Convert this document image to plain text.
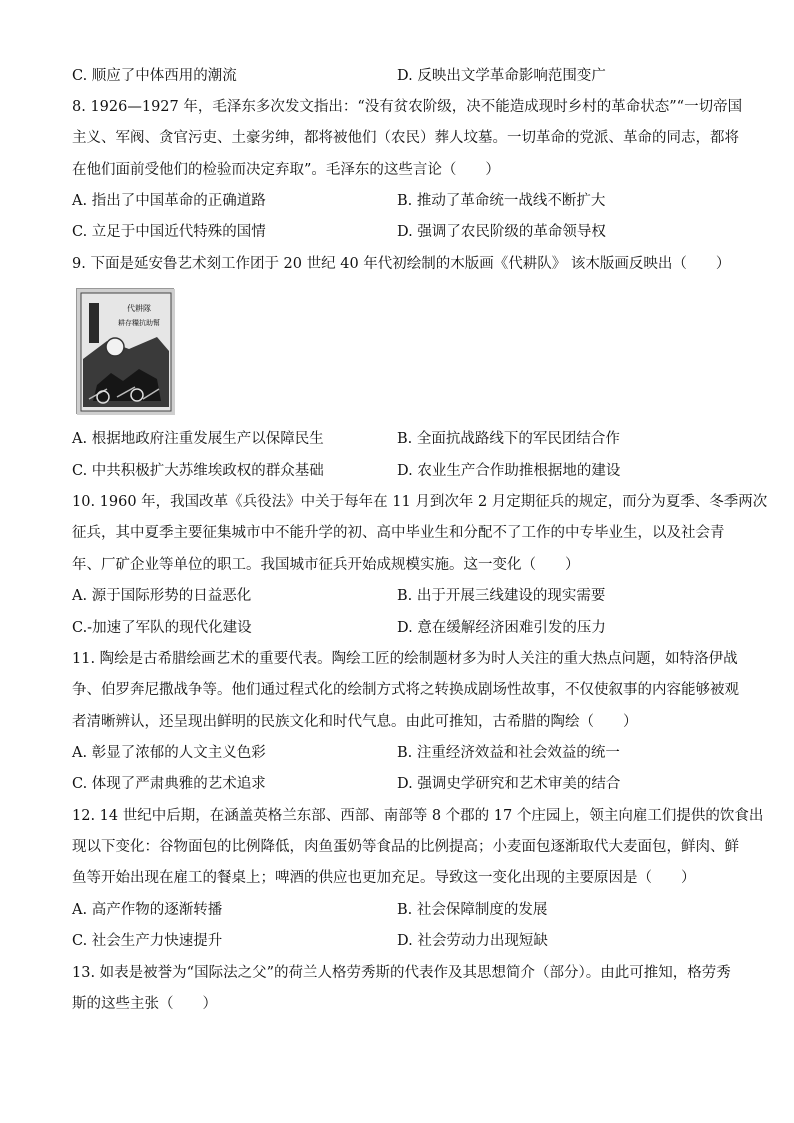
C. 顺应了中体西用的潮流	D. 反映出文学革命影响范围变广
8. 1926—1927 年，毛泽东多次发文指出：“没有贫农阶级，决不能造成现时乡村的革命状态”“一切帝国
主义、军阀、贪官污吏、土豪劣绅，都将被他们（农民）葬人坟墓。一切革命的党派、革命的同志，都将
在他们面前受他们的检验而决定弃取”。毛泽东的这些言论（　　）
A. 指出了中国革命的正确道路	B. 推动了革命统一战线不断扩大
C. 立足于中国近代特殊的国情	D. 强调了农民阶级的革命领导权
9. 下面是延安鲁艺术刻工作团于 20 世纪 40 年代初绘制的木版画《代耕队》 该木版画反映出（　　）
代耕隊
耕存糧抗助幫
A. 根据地政府注重发展生产以保障民生	B. 全面抗战路线下的军民团结合作
C. 中共积极扩大苏维埃政权的群众基础	D. 农业生产合作助推根据地的建设
10. 1960 年，我国改革《兵役法》中关于每年在 11 月到次年 2 月定期征兵的规定，而分为夏季、冬季两次
征兵，其中夏季主要征集城市中不能升学的初、高中毕业生和分配不了工作的中专毕业生，以及社会青
年、厂矿企业等单位的职工。我国城市征兵开始成规模实施。这一变化（　　）
A. 源于国际形势的日益恶化	B. 出于开展三线建设的现实需要
C.-加速了军队的现代化建设	D. 意在缓解经济困难引发的压力
11. 陶绘是古希腊绘画艺术的重要代表。陶绘工匠的绘制题材多为时人关注的重大热点问题，如特洛伊战
争、伯罗奔尼撒战争等。他们通过程式化的绘制方式将之转换成剧场性故事，不仅使叙事的内容能够被观
者清晰辨认，还呈现出鲜明的民族文化和时代气息。由此可推知，古希腊的陶绘（　　）
A. 彰显了浓郁的人文主义色彩	B. 注重经济效益和社会效益的统一
C. 体现了严肃典雅的艺术追求	D. 强调史学研究和艺术审美的结合
12. 14 世纪中后期，在涵盖英格兰东部、西部、南部等 8 个郡的 17 个庄园上，领主向雇工们提供的饮食出
现以下变化：谷物面包的比例降低，肉鱼蛋奶等食品的比例提高；小麦面包逐渐取代大麦面包，鲜肉、鲜
鱼等开始出现在雇工的餐桌上；啤酒的供应也更加充足。导致这一变化出现的主要原因是（　　）
A. 高产作物的逐渐转播	B. 社会保障制度的发展
C. 社会生产力快速提升	D. 社会劳动力出现短缺
13. 如表是被誉为“国际法之父”的荷兰人格劳秀斯的代表作及其思想简介（部分）。由此可推知，格劳秀
斯的这些主张（　　）
